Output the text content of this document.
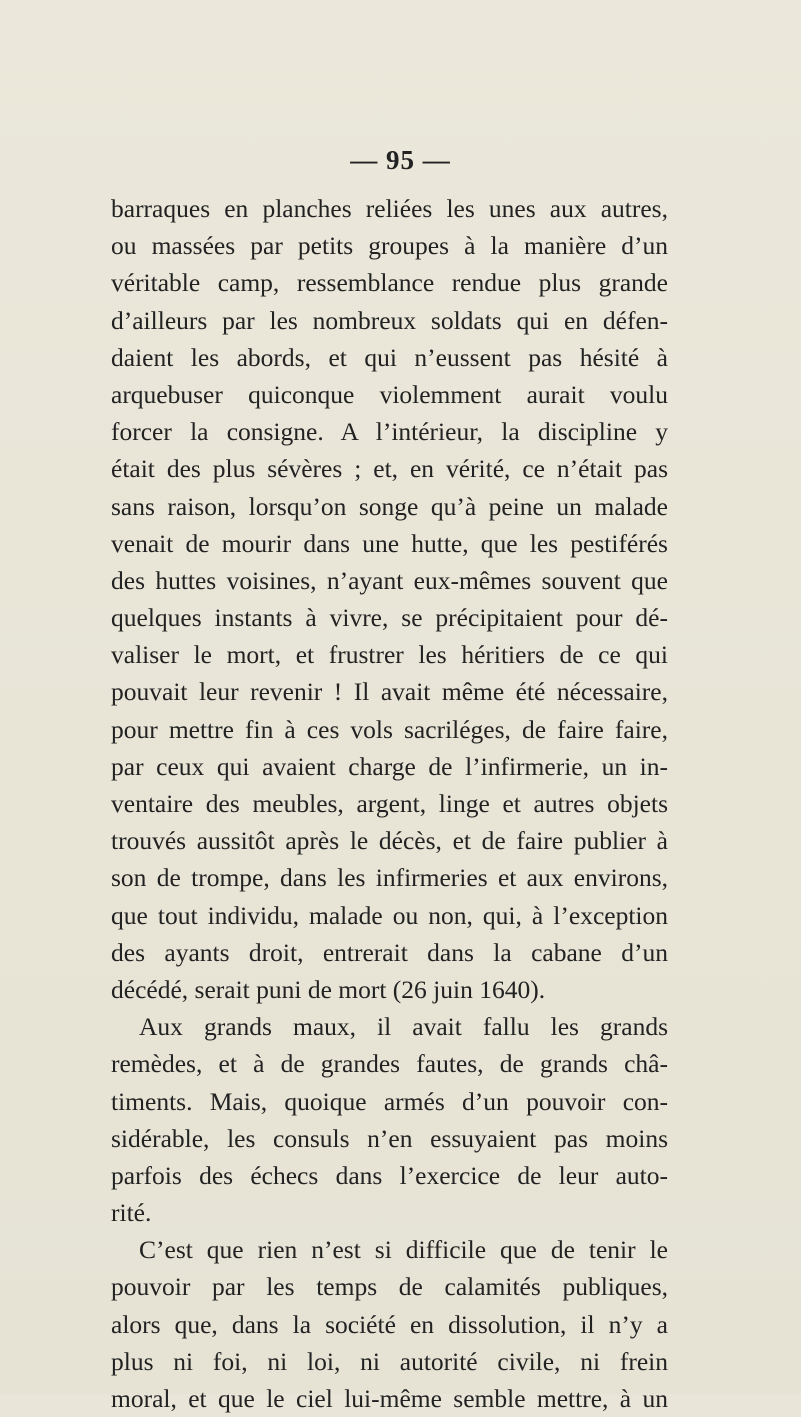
— 95 —
barraques en planches reliées les unes aux autres,
ou massées par petits groupes à la manière d’un
véritable camp, ressemblance rendue plus grande
d’ailleurs par les nombreux soldats qui en défen-
daient les abords, et qui n’eussent pas hésité à
arquebuser quiconque violemment aurait voulu
forcer la consigne. A l’intérieur, la discipline y
était des plus sévères ; et, en vérité, ce n’était pas
sans raison, lorsqu’on songe qu’à peine un malade
venait de mourir dans une hutte, que les pestiférés
des huttes voisines, n’ayant eux-mêmes souvent que
quelques instants à vivre, se précipitaient pour dé-
valiser le mort, et frustrer les héritiers de ce qui
pouvait leur revenir ! Il avait même été nécessaire,
pour mettre fin à ces vols sacriléges, de faire faire,
par ceux qui avaient charge de l’infirmerie, un in-
ventaire des meubles, argent, linge et autres objets
trouvés aussitôt après le décès, et de faire publier à
son de trompe, dans les infirmeries et aux environs,
que tout individu, malade ou non, qui, à l’exception
des ayants droit, entrerait dans la cabane d’un
décédé, serait puni de mort (26 juin 1640).
Aux grands maux, il avait fallu les grands
remèdes, et à de grandes fautes, de grands châ-
timents. Mais, quoique armés d’un pouvoir con-
sidérable, les consuls n’en essuyaient pas moins
parfois des échecs dans l’exercice de leur auto-
rité.
C’est que rien n’est si difficile que de tenir le
pouvoir par les temps de calamités publiques,
alors que, dans la société en dissolution, il n’y a
plus ni foi, ni loi, ni autorité civile, ni frein
moral, et que le ciel lui-même semble mettre, à un
